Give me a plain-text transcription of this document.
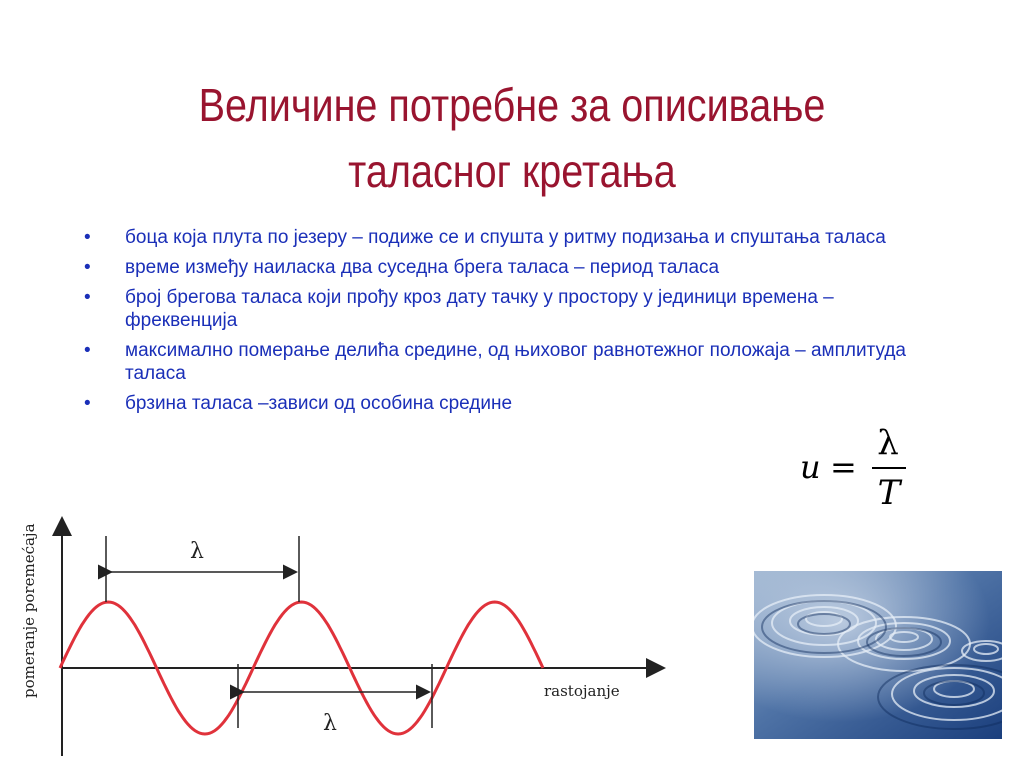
Величине потребне за описивање
таласног кретања
• боца која плута по језеру – подиже се и спушта у ритму подизања и спуштања таласа
• време између наиласка два суседна брега таласа – период таласа
• број брегова таласа који прођу кроз дату тачку у простору у јединици времена – фреквенција
• максимално померање делића средине, од њиховог равнотежног положаја – амплитуда таласа
• брзина таласа –зависи од особина средине
u =
λ
T
pomeranje poremećaja	rastojanje
λ
λ
